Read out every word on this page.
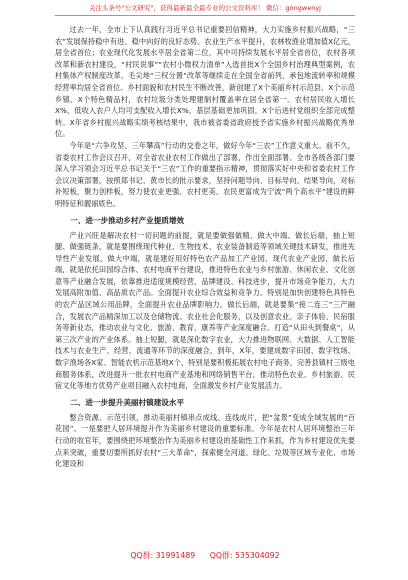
关注头条号"公文研究"，获得最新最全最专业的公文资料库！ 微信：gongwenyj

过去一年，全市上下认真践行习近平总书记重要回信精神，大力实施乡村振兴战略，“三农”发展保持稳中有进、稳中向好的良好态势。农业生产水平提升，农林牧渔业增加值X亿元，居全省首位；农业现代化发展水平居全省第二位，其中可持续发展水平居全省首位，农村各项改革和新农村建设，“村民说事”“农村小微权力清单”入选首批X个全国乡村治理典型案例，农村集体产权制度改革、毛尖地“三权分置”改革等继续走在全国全省前列，承包地流转率和规模经营率均居全省首位。乡村面貌和农村民生不断改善，新创建了X个美丽乡村示范县、X个示范乡镇、X个特色精品村，农村垃圾分类处理建制村覆盖率在居全省第一。农村居民收入增长X%，低收入农户人均可支配收入增长X%，基层基础更加巩固，X个后进村党组织全部完成整转。X年省乡村振兴战略实绩考核结果中，我市被省委省政府授予省实施乡村振兴战略优秀单位。

今年是“六争攻坚、三年攀高”行动的交卷之年，做好今年“三农”工作意义重大。前不久，省委农村工作会议召开，对全省农业农村工作做出了部署，作出全面部署。全市各级各部门要深入学习领会习近平总书记关于“三农”工作的重要指示精神，贯彻落实好中央和省委农村工作会议决策部署，按照郑书记、黄市长的批示要求，坚持问题导向、目标导向、结果导向，对标补短板，聚力创样板，努力使农业更强、农村更美、农民更富成为宁波“两个高水平”建设的鲜明特征和靓丽底色。

一、进一步推动乡村产业提质增效

产业兴旺是解决农村一切问题的前提，就是要做强做精、做大中端、做长后端，抽上短腿、做强链条，就是要围绕现代种业、生物技术、农业装备制造等领域关键技术研发，推进先导性产业发展，做大中端，就是建好用好特色农产品加工产业园、现代农业产业园，做长后端，就是依托田园综合体、农村电商平台建设，推进特色农业与乡村旅游、休闲农业、文化创意等产业融合发展，依靠推进适度规模经营，品牌建设、科技进步，提升市场竞争能力，大力发展高附加值、高品质农产品。全面提升农业综合效益和竞争力。特别是加快创建特色具特色的农产品区域公用品牌，全面提升农业品牌影响力。做长后端，就是要集“接二连三”三产融合，发展农产品精深加工以及仓储物流、农业社会化服务，以及创意农业、亲子体验、民宿服务等新业态，推动农业与文化、旅游、教育、康养等产业深度融合。打造“从田头到餐桌”，从第三次产业的产业体系。抽上短腿，就是深化数字农业，大力推进物联网、大数据、人工智能技术与农业生产、经营、流通等环节的深度融合，到年，X年，要建成数字田园、数字牧场、数字渔场各X家、智能农机示范基地X个，特别是要积极拓展农村电子商务，完善县镇村三级电商服务体系，改进提升一批农村电商产业基地和网络销售平台，推动特色农业、乡村旅游、民宿文化等地方优势产业项目融入农村电商，全面激发乡村产业发展活力。

二、进一步提升美丽村镇建设水平

整合资源、示范引领，推动美丽村镇串点成线、连线成片，把“盆景”变成全域发展的“百花园”。一是要把人居环境提升作为美丽乡村建设的重要标准。今年是农村人居环境整治三年行动的收官年，要围绕把环境整治作为美丽乡村建设的基础性工作来抓，作为乡村建设优先要点来突破，重要切要所抓好农村“三大革命”，探索健全河道、绿化、垃圾等区域专业化、市场化建设和

QQ群: 31991489 QQ群: 535304092
